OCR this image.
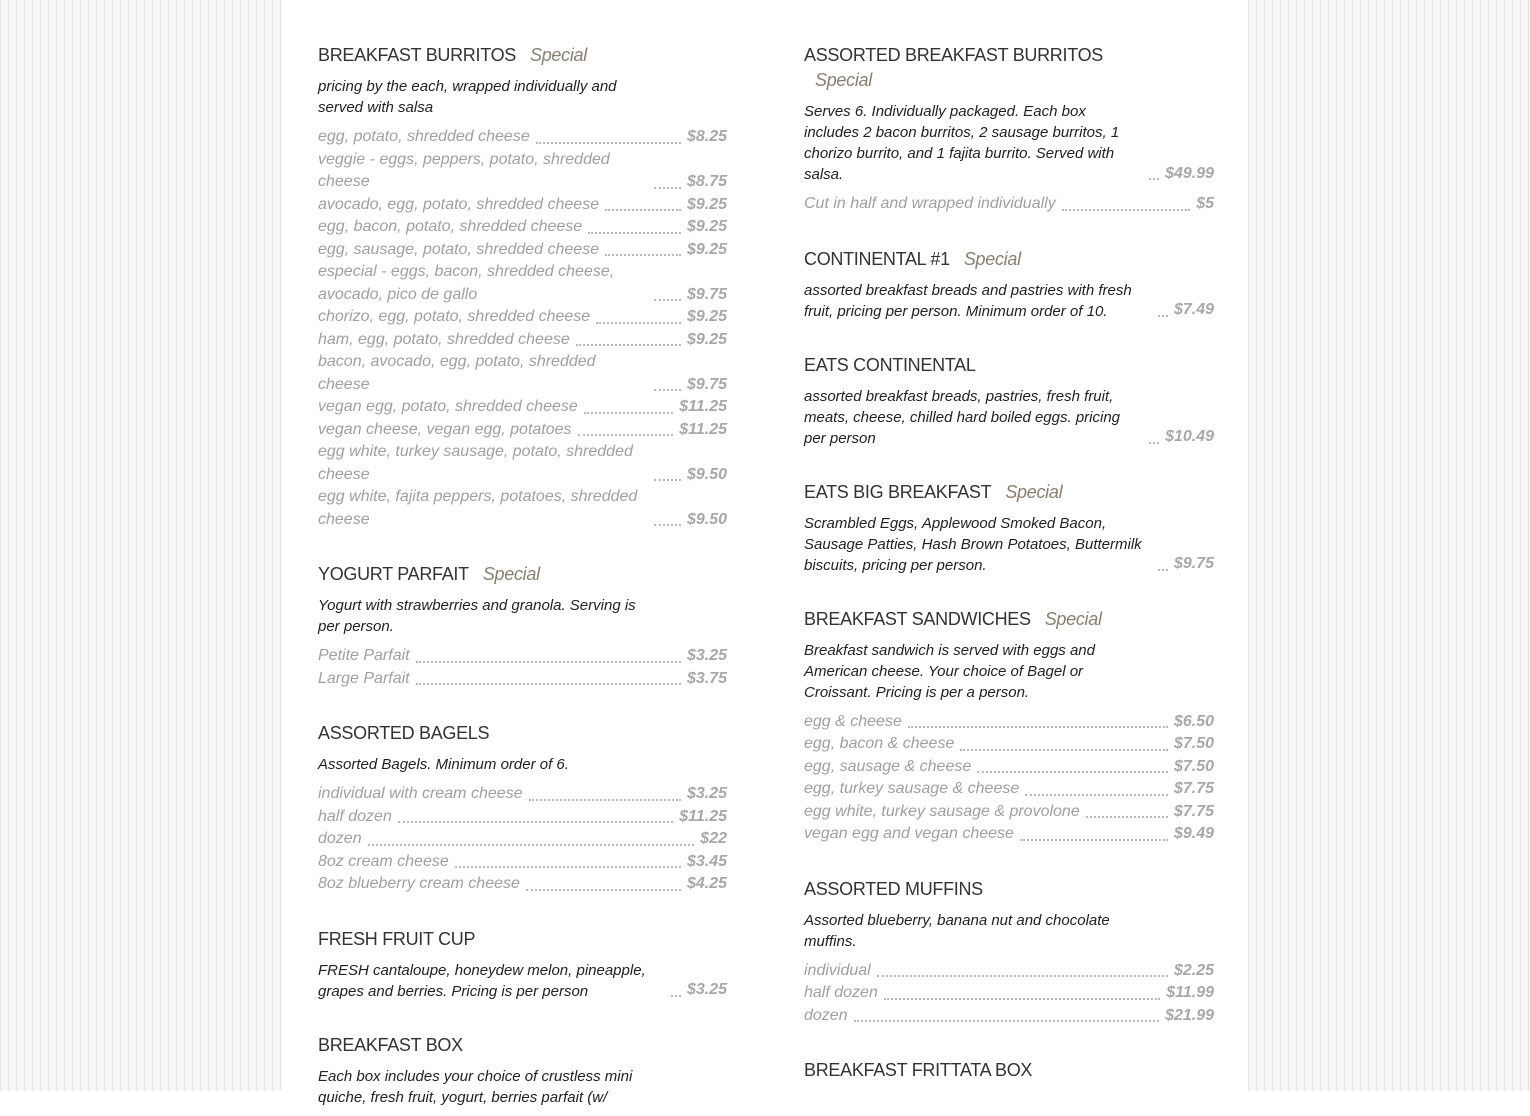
BREAKFAST BURRITOS Special
pricing by the each, wrapped individually and served with salsa
egg, potato, shredded cheese	$8.25
veggie - eggs, peppers, potato, shredded cheese	$8.75
avocado, egg, potato, shredded cheese	$9.25
egg, bacon, potato, shredded cheese	$9.25
egg, sausage, potato, shredded cheese	$9.25
especial - eggs, bacon, shredded cheese, avocado, pico de gallo	$9.75
chorizo, egg, potato, shredded cheese	$9.25
ham, egg, potato, shredded cheese	$9.25
bacon, avocado, egg, potato, shredded cheese	$9.75
vegan egg, potato, shredded cheese	$11.25
vegan cheese, vegan egg, potatoes	$11.25
egg white, turkey sausage, potato, shredded cheese	$9.50
egg white, fajita peppers, potatoes, shredded cheese	$9.50
YOGURT PARFAIT Special
Yogurt with strawberries and granola. Serving is per person.
Petite Parfait	$3.25
Large Parfait	$3.75
ASSORTED BAGELS
Assorted Bagels. Minimum order of 6.
individual with cream cheese	$3.25
half dozen	$11.25
dozen	$22
8oz cream cheese	$3.45
8oz blueberry cream cheese	$4.25
FRESH FRUIT CUP
FRESH cantaloupe, honeydew melon, pineapple, grapes and berries. Pricing is per person	$3.25
BREAKFAST BOX
Each box includes your choice of crustless mini quiche, fresh fruit, yogurt, berries parfait (w/
ASSORTED BREAKFAST BURRITOSSpecial
Serves 6. Individually packaged. Each box includes 2 bacon burritos, 2 sausage burritos, 1 chorizo burrito, and 1 fajita burrito. Served with salsa.	$49.99
Cut in half and wrapped individually	$5
CONTINENTAL #1 Special
assorted breakfast breads and pastries with fresh fruit, pricing per person. Minimum order of 10.	$7.49
EATS CONTINENTAL
assorted breakfast breads, pastries, fresh fruit, meats, cheese, chilled hard boiled eggs. pricing per person	$10.49
EATS BIG BREAKFAST Special
Scrambled Eggs, Applewood Smoked Bacon, Sausage Patties, Hash Brown Potatoes, Buttermilk biscuits, pricing per person.	$9.75
BREAKFAST SANDWICHES Special
Breakfast sandwich is served with eggs and American cheese. Your choice of Bagel or Croissant. Pricing is per a person.
egg & cheese	$6.50
egg, bacon & cheese	$7.50
egg, sausage & cheese	$7.50
egg, turkey sausage & cheese	$7.75
egg white, turkey sausage & provolone	$7.75
vegan egg and vegan cheese	$9.49
ASSORTED MUFFINS
Assorted blueberry, banana nut and chocolate muffins.
individual	$2.25
half dozen	$11.99
dozen	$21.99
BREAKFAST FRITTATA BOX
